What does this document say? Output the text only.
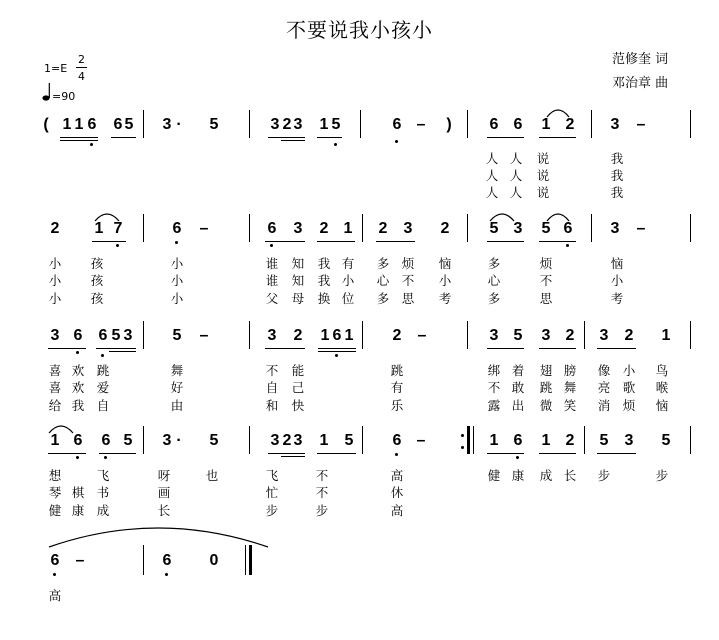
不要说我小孩小
范修奎 词
邓治章 曲
1=E
2
4
=90
( 1 1 6 6 5 3 · 5	3 2 3 1 5	6 – ) 6 6 1 2 3 –
人 人 说	我
人 人 说	我
人 人 说	我
2 1 7	6 –	6 3 2 1 2 3 2	5 3 5 6 3 –
小 孩	小	谁 知 我 有 多 烦 恼	多	烦	恼
小 孩	小	谁 知 我 小 心 不 小	心	不	小
小 孩	小	父 母 换 位 多 思 考	多	思	考
3 6 6 5 3	5 –	3 2 1 6 1 2 –	3 5 3 2 3 2 1
喜 欢 跳	舞	不 能	跳	绑 着 翅 膀 像 小 鸟
喜 欢 爱	好	自 己	有	不 敢 跳 舞 亮 歌 喉
给 我 自	由	和 快	乐	露 出 微 笑 消 烦 恼
1 6 6 5 3 · 5	3 2 3 1 5 6 –	1 6 1 2 5 3 5
想	飞	呀	也	飞	不	高	健 康 成 长 步	步
琴 棋 书	画	忙	不	休
健 康 成	长	步	步	高
6 –	6 0
高
